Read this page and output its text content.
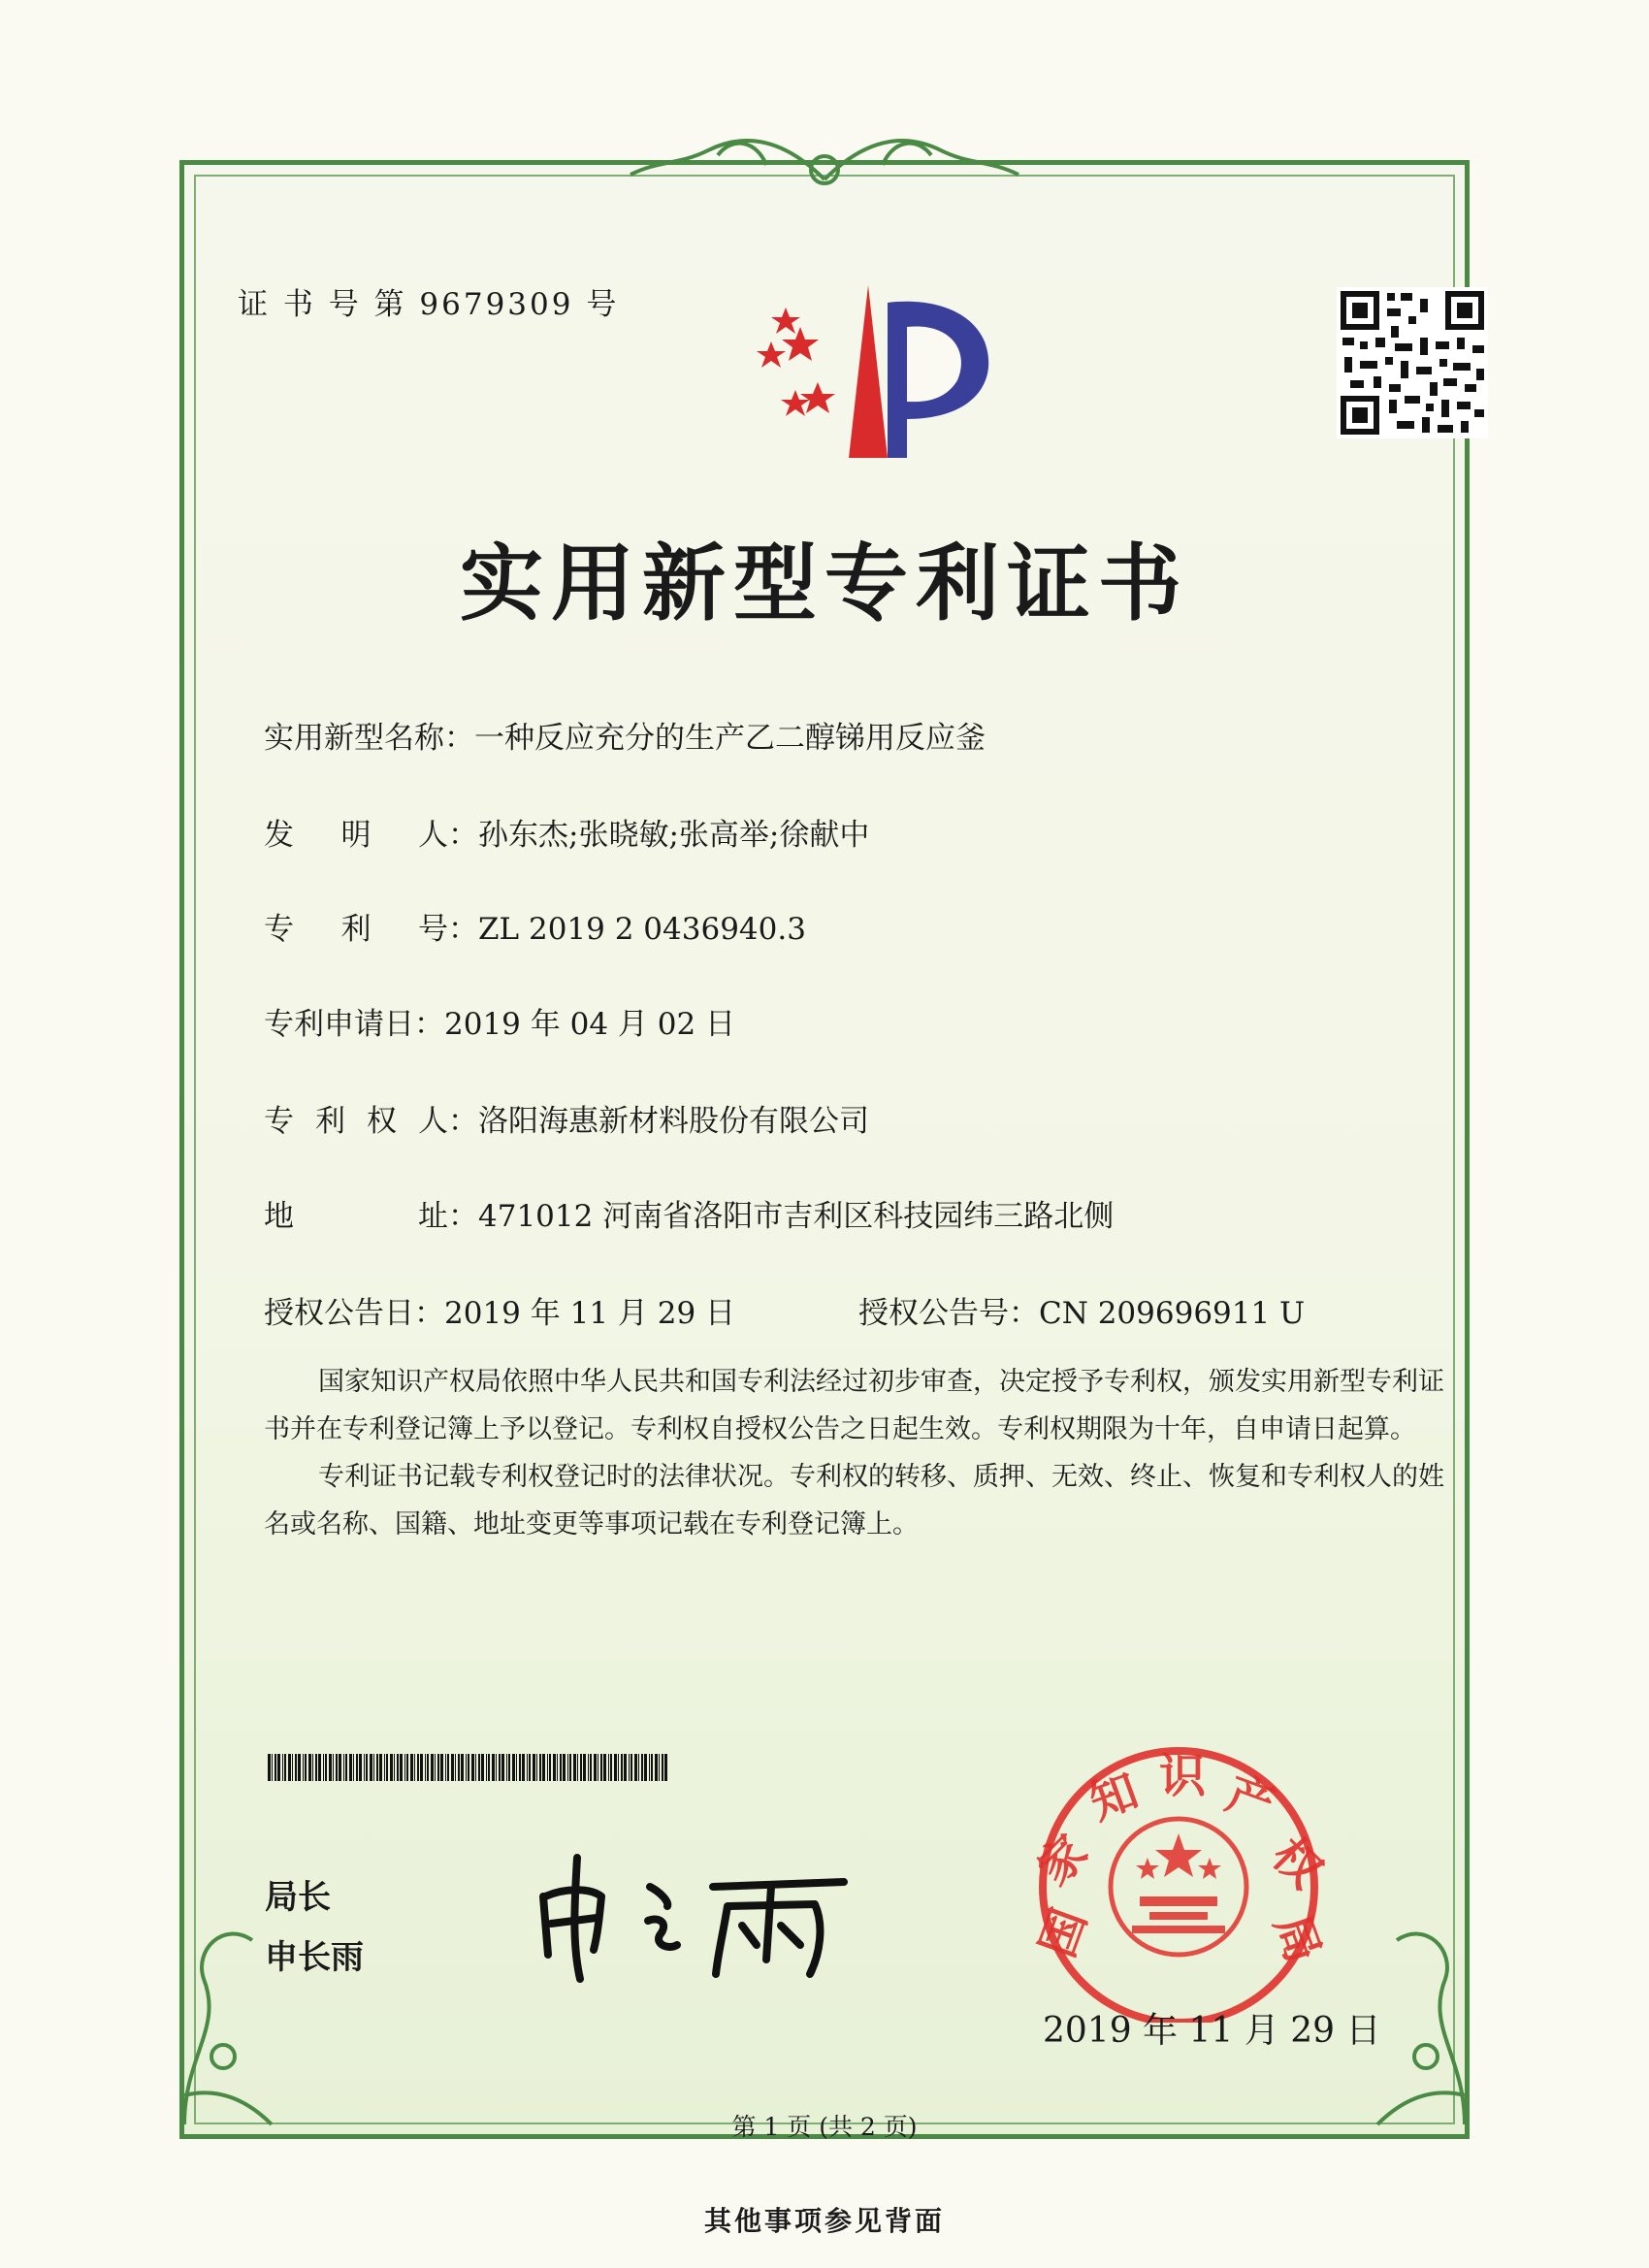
证 书 号 第 9679309 号
实用新型专利证书
实用新型名称：一种反应充分的生产乙二醇锑用反应釜
发 明 人 ：孙东杰;张晓敏;张高举;徐献中
专 利 号 ：ZL 2019 2 0436940.3
专利申请日：2019 年 04 月 02 日
专 利 权 人 ：洛阳海惠新材料股份有限公司
地	址 ：471012 河南省洛阳市吉利区科技园纬三路北侧
授权公告日：2019 年 11 月 29 日	授权公告号：CN 209696911 U

国家知识产权局依照中华人民共和国专利法经过初步审查，决定授予专利权，颁发实用新型专利证书并在专利登记簿上予以登记。专利权自授权公告之日起生效。专利权期限为十年，自申请日起算。

专利证书记载专利权登记时的法律状况。专利权的转移、质押、无效、终止、恢复和专利权人的姓名或名称、国籍、地址变更等事项记载在专利登记簿上。

局长
申长雨	国
家
知 识 产
权
局
2019 年 11 月 29 日
第 1 页 (共 2 页)
其他事项参见背面
